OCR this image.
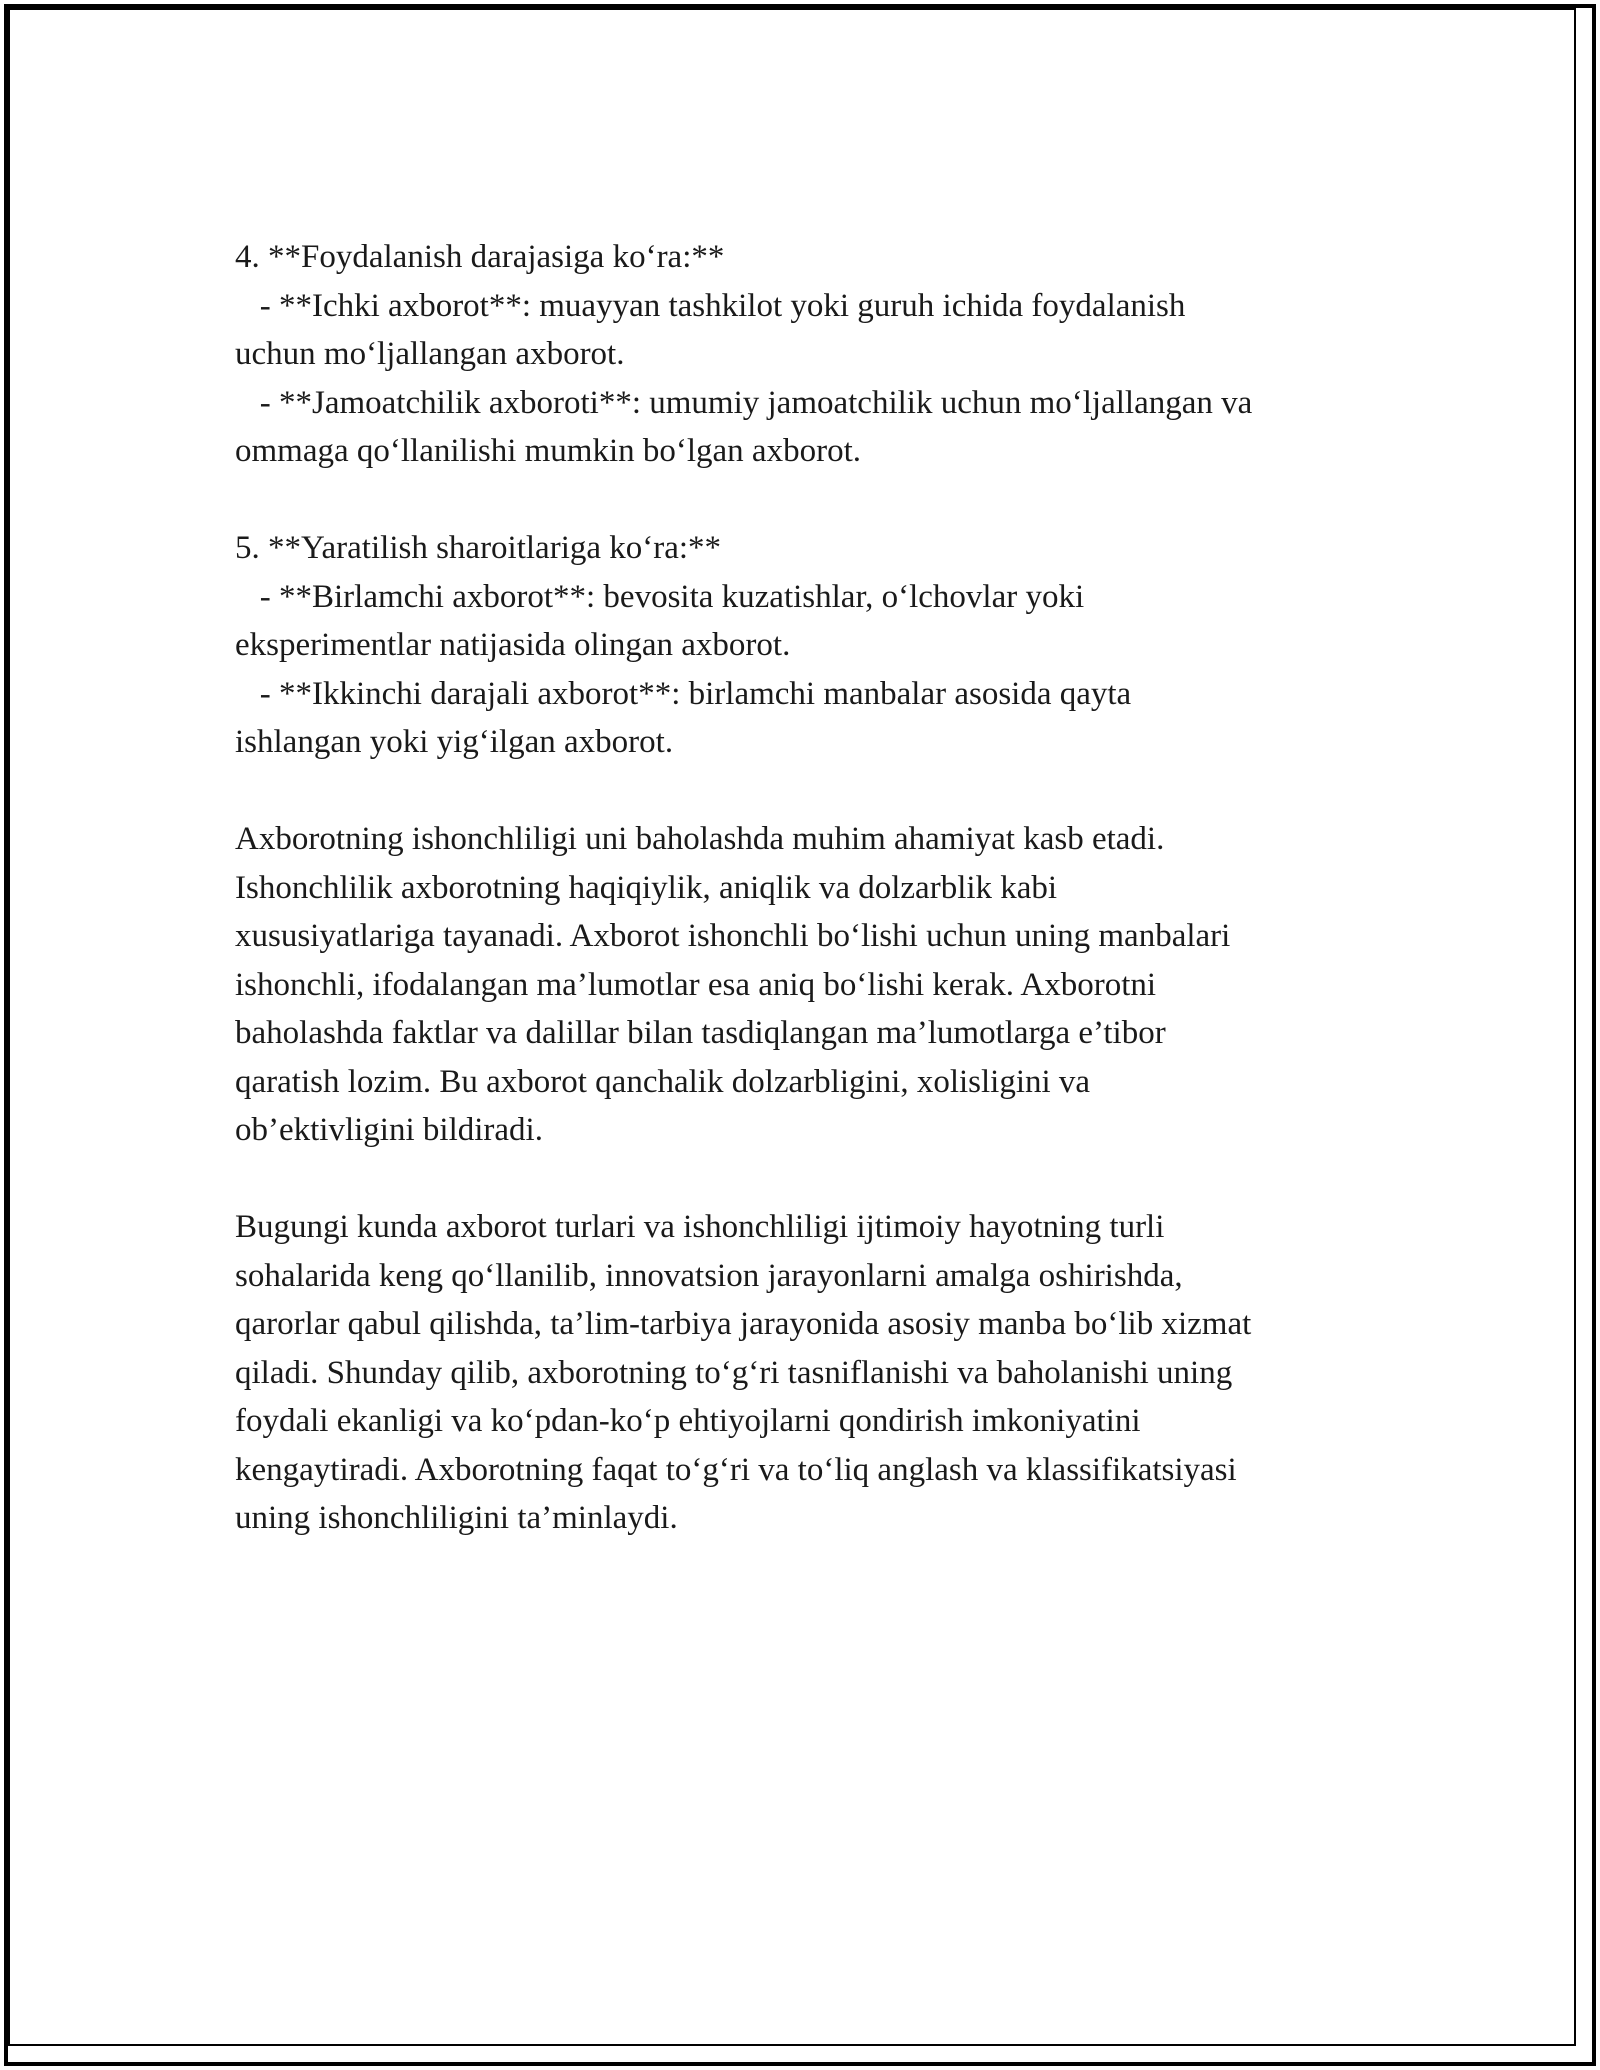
4. **Foydalanish darajasiga ko‘ra:**
- **Ichki axborot**: muayyan tashkilot yoki guruh ichida foydalanish
uchun mo‘ljallangan axborot.
- **Jamoatchilik axboroti**: umumiy jamoatchilik uchun mo‘ljallangan va
ommaga qo‘llanilishi mumkin bo‘lgan axborot.
5. **Yaratilish sharoitlariga ko‘ra:**
- **Birlamchi axborot**: bevosita kuzatishlar, o‘lchovlar yoki
eksperimentlar natijasida olingan axborot.
- **Ikkinchi darajali axborot**: birlamchi manbalar asosida qayta
ishlangan yoki yig‘ilgan axborot.
Axborotning ishonchliligi uni baholashda muhim ahamiyat kasb etadi.
Ishonchlilik axborotning haqiqiylik, aniqlik va dolzarblik kabi
xususiyatlariga tayanadi. Axborot ishonchli bo‘lishi uchun uning manbalari
ishonchli, ifodalangan ma’lumotlar esa aniq bo‘lishi kerak. Axborotni
baholashda faktlar va dalillar bilan tasdiqlangan ma’lumotlarga e’tibor
qaratish lozim. Bu axborot qanchalik dolzarbligini, xolisligini va
ob’ektivligini bildiradi.
Bugungi kunda axborot turlari va ishonchliligi ijtimoiy hayotning turli
sohalarida keng qo‘llanilib, innovatsion jarayonlarni amalga oshirishda,
qarorlar qabul qilishda, ta’lim-tarbiya jarayonida asosiy manba bo‘lib xizmat
qiladi. Shunday qilib, axborotning to‘g‘ri tasniflanishi va baholanishi uning
foydali ekanligi va ko‘pdan-ko‘p ehtiyojlarni qondirish imkoniyatini
kengaytiradi. Axborotning faqat to‘g‘ri va to‘liq anglash va klassifikatsiyasi
uning ishonchliligini ta’minlaydi.
